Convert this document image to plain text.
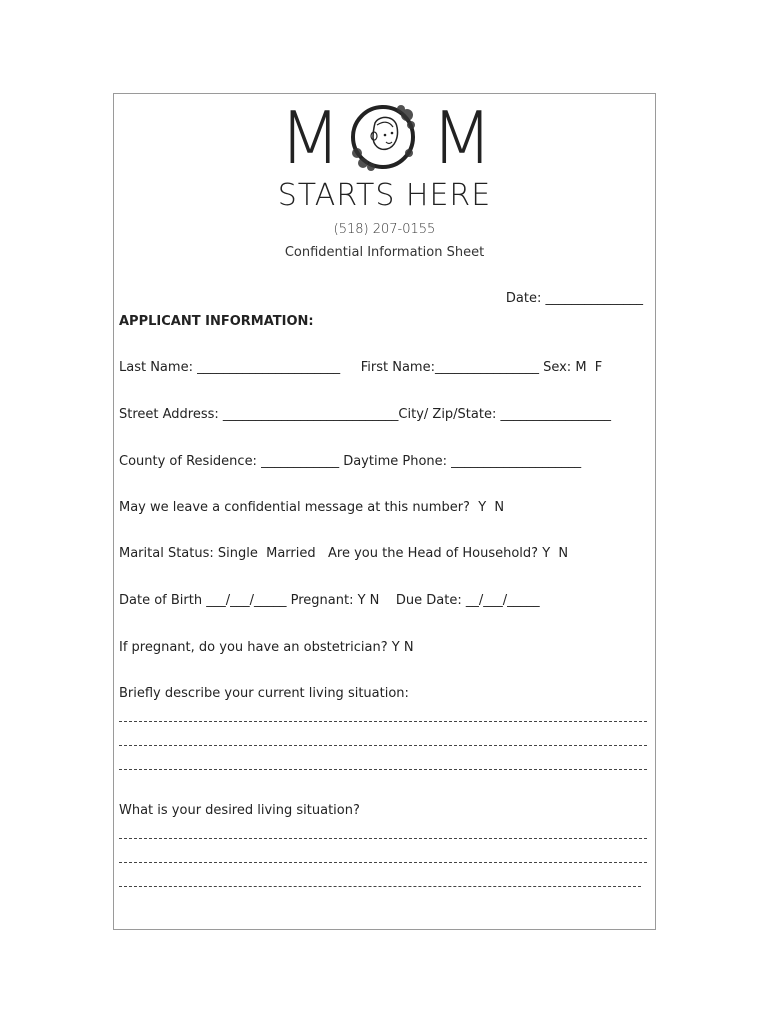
M M
STARTS HERE
(518) 207-0155
Confidential Information Sheet
Date: _______________
APPLICANT INFORMATION:
Last Name: ______________________     First Name:________________ Sex: M  F
Street Address: ___________________________City/ Zip/State: _________________
County of Residence: ____________ Daytime Phone: ____________________
May we leave a confidential message at this number?  Y  N
Marital Status: Single  Married   Are you the Head of Household? Y  N
Date of Birth ___/___/_____ Pregnant: Y N    Due Date: __/___/_____
If pregnant, do you have an obstetrician? Y N
Briefly describe your current living situation:
What is your desired living situation?
